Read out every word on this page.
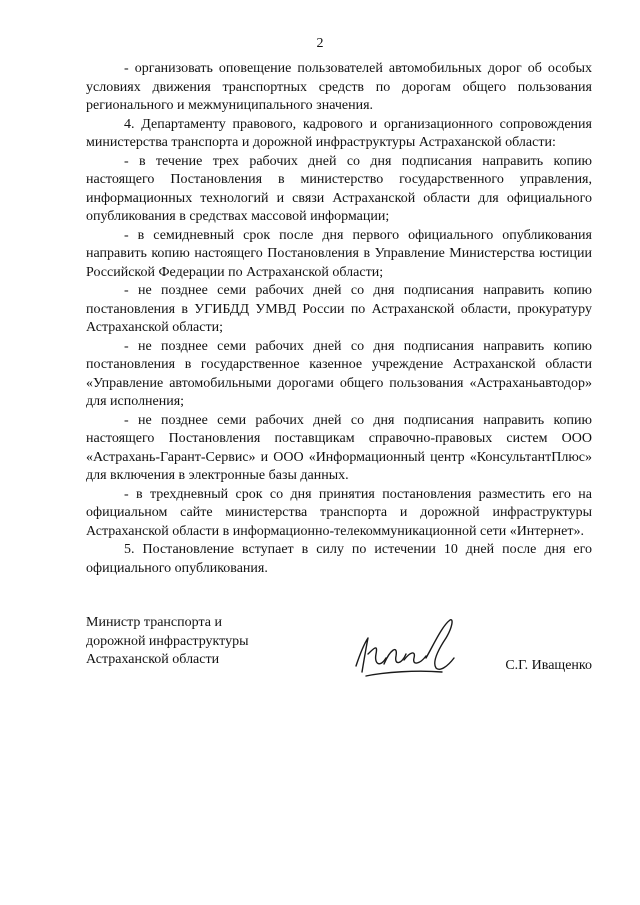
2

- организовать оповещение пользователей автомобильных дорог об особых условиях движения транспортных средств по дорогам общего пользования регионального и межмуниципального значения.

4. Департаменту правового, кадрового и организационного сопровождения министерства транспорта и дорожной инфраструктуры Астраханской области:

- в течение трех рабочих дней со дня подписания направить копию настоящего Постановления в министерство государственного управления, информационных технологий и связи Астраханской области для официального опубликования в средствах массовой информации;

- в семидневный срок после дня первого официального опубликования направить копию настоящего Постановления в Управление Министерства юстиции Российской Федерации по Астраханской области;

- не позднее семи рабочих дней со дня подписания направить копию постановления в УГИБДД УМВД России по Астраханской области, прокуратуру Астраханской области;

- не позднее семи рабочих дней со дня подписания направить копию постановления в государственное казенное учреждение Астраханской области «Управление автомобильными дорогами общего пользования «Астраханьавтодор» для исполнения;

- не позднее семи рабочих дней со дня подписания направить копию настоящего Постановления поставщикам справочно-правовых систем ООО «Астрахань-Гарант-Сервис» и ООО «Информационный центр «КонсультантПлюс» для включения в электронные базы данных.

- в трехдневный срок со дня принятия постановления разместить его на официальном сайте министерства транспорта и дорожной инфраструктуры Астраханской области в информационно-телекоммуникационной сети «Интернет».

5. Постановление вступает в силу по истечении 10 дней после дня его официального опубликования.

Министр транспорта и
дорожной инфраструктуры
Астраханской области	С.Г. Иващенко
